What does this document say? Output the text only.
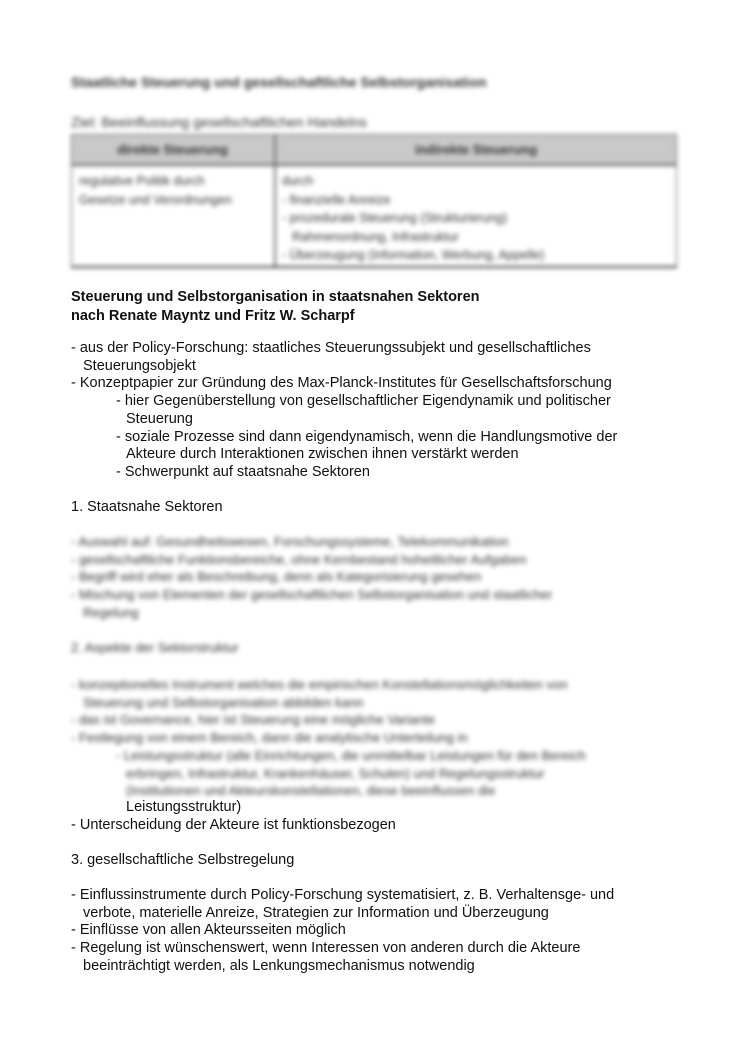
Staatliche Steuerung und gesellschaftliche Selbstorganisation
Ziel: Beeinflussung gesellschaftlichen Handelns
direkte Steuerung	indirekte Steuerung
regulative Politik durch
Gesetze und Verordnungen
durch
- finanzielle Anreize
- prozedurale Steuerung (Strukturierung)
Rahmenordnung, Infrastruktur
- Überzeugung (Information, Werbung, Appelle)
Steuerung und Selbstorganisation in staatsnahen Sektoren
nach Renate Mayntz und Fritz W. Scharpf
- aus der Policy-Forschung: staatliches Steuerungssubjekt und gesellschaftliches
Steuerungsobjekt
- Konzeptpapier zur Gründung des Max-Planck-Institutes für Gesellschaftsforschung
- hier Gegenüberstellung von gesellschaftlicher Eigendynamik und politischer
Steuerung
- soziale Prozesse sind dann eigendynamisch, wenn die Handlungsmotive der
Akteure durch Interaktionen zwischen ihnen verstärkt werden
- Schwerpunkt auf staatsnahe Sektoren
1. Staatsnahe Sektoren
- Auswahl auf: Gesundheitswesen, Forschungssysteme, Telekommunikation
- gesellschaftliche Funktionsbereiche, ohne Kernbestand hoheitlicher Aufgaben
- Begriff wird eher als Beschreibung, denn als Kategorisierung gesehen
- Mischung von Elementen der gesellschaftlichen Selbstorganisation und staatlicher
Regelung
2. Aspekte der Sektorstruktur
- konzeptionelles Instrument welches die empirischen Konstellationsmöglichkeiten von
Steuerung und Selbstorganisation abbilden kann
- das ist Governance, hier ist Steuerung eine mögliche Variante
- Festlegung von einem Bereich, dann die analytische Unterteilung in
- Leistungsstruktur (alle Einrichtungen, die unmittelbar Leistungen für den Bereich
erbringen, Infrastruktur, Krankenhäuser, Schulen) und Regelungsstruktur
(Institutionen und Akteurskonstellationen, diese beeinflussen die
Leistungsstruktur)
- Unterscheidung der Akteure ist funktionsbezogen
3. gesellschaftliche Selbstregelung
- Einflussinstrumente durch Policy-Forschung systematisiert, z. B. Verhaltensge- und
verbote, materielle Anreize, Strategien zur Information und Überzeugung
- Einflüsse von allen Akteursseiten möglich
- Regelung ist wünschenswert, wenn Interessen von anderen durch die Akteure
beeinträchtigt werden, als Lenkungsmechanismus notwendig
